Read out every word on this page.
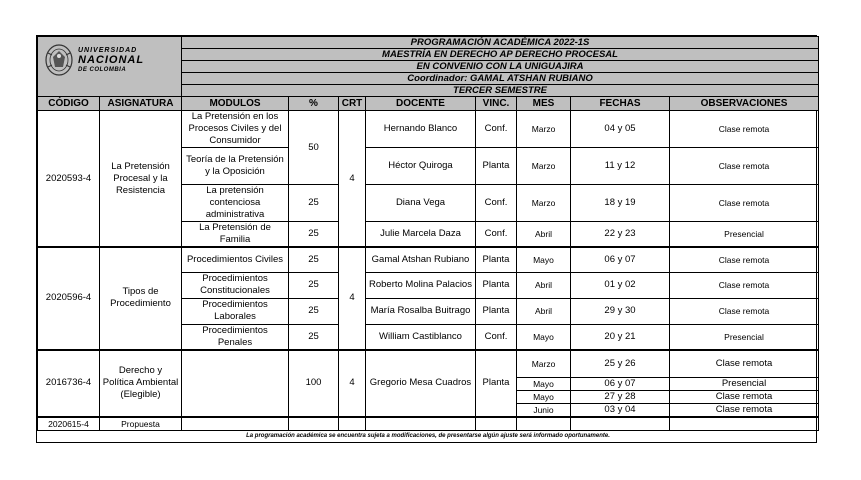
UNIVERSIDAD
NACIONAL
DE COLOMBIA		PROGRAMACIÓN ACADÉMICA 2022-1S							
		MAESTRÍA EN DERECHO AP DERECHO PROCESAL							
		EN CONVENIO CON LA UNIGUAJIRA							
		Coordinador: GAMAL ATSHAN RUBIANO							
		TERCER SEMESTRE							
CÓDIGO	ASIGNATURA	MODULOS	%	CRT	DOCENTE	VINC.	MES	FECHAS	OBSERVACIONES
2020593-4	La Pretensión Procesal y la Resistencia	La Pretensión en los Procesos Civiles y del Consumidor	50	4	Hernando Blanco	Conf.	Marzo	04 y 05	Clase remota
		Teoría de la Pretensión y la Oposición			Héctor Quiroga	Planta	Marzo	11 y 12	Clase remota
		La pretensión contenciosa administrativa	25		Diana Vega	Conf.	Marzo	18 y 19	Clase remota
		La Pretensión de Familia	25		Julie Marcela Daza	Conf.	Abril	22 y 23	Presencial
2020596-4	Tipos de Procedimiento	Procedimientos Civiles	25	4	Gamal Atshan Rubiano	Planta	Mayo	06 y 07	Clase remota
		Procedimientos Constitucionales	25		Roberto Molina Palacios	Planta	Abril	01 y 02	Clase remota
		Procedimientos Laborales	25		María Rosalba Buitrago	Planta	Abril	29 y 30	Clase remota
		Procedimientos Penales	25		William Castiblanco	Conf.	Mayo	20 y 21	Presencial
2016736-4	Derecho y Política Ambiental (Elegible)		100	4	Gregorio Mesa Cuadros	Planta	Marzo	25 y 26	Clase remota
							Mayo	06 y 07	Presencial
							Mayo	27 y 28	Clase remota
							Junio	03 y 04	Clase remota
2020615-4	Propuesta								
La programación académica se encuentra sujeta a modificaciones, de presentarse algún ajuste será informado oportunamente.									
